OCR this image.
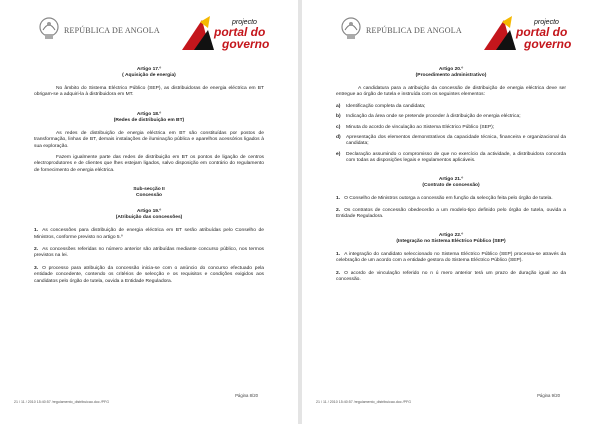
REPÚBLICA DE ANGOLA
projecto
portal do
governo
Artigo 17.º
( Aquisição de energia)
No âmbito do Sistema Eléctrico Público (SEP), as distribuidoras de energia eléctrica em BT obrigam-se a adquiri-la à distribuidora em MT.
Artigo 18.º
(Redes de distribuição em BT)
As redes de distribuição de energia eléctrica em BT são constituídas por postos de transformação, linhas de BT, demais instalações de iluminação pública e aparelhos acessórios ligados à sua exploração.
Fazem igualmente parte das redes de distribuição em BT os pontos de ligação de centros electroprodutores e de clientes que lhes estejam ligados, salvo disposição em contrário do regulamento de fornecimento de energia eléctrica.
Sub-secção II
Concessão
Artigo 19.º
(Atribuição das concessões)
1. As concessões para distribuição de energia eléctrica em BT serão atribuídas pelo Conselho de Ministros, conforme previsto no artigo 5.º
2. As concessões referidas no número anterior são atribuídas mediante concurso público, nos termos previstos na lei.
3. O processo para atribuição da concessão inicia-se com o anúncio do concurso efectuado pela entidade concedente, contendo os critérios de selecção e os requisitos e condições exigidos aos candidatos pelo órgão de tutela, ouvida a Entidade Reguladora.
Página 8/20
21 / 11 / 2010 15:40:57 /regulamento_distribuicao.doc /PFG
REPÚBLICA DE ANGOLA
projecto
portal do
governo
Artigo 20.º
(Procedimento administrativo)
A candidatura para a atribuição da concessão de distribuição de energia eléctrica deve ser entregue ao órgão de tutela e instruída com os seguintes elementos:
a)	Identificação completa da candidata;
b)	Indicação da área onde se pretende proceder à distribuição de energia eléctrica;
c)	Minuta do acordo de vinculação ao Sistema Eléctrico Público (SEP);
d)	Apresentação dos elementos demonstrativos da capacidade técnica, financeira e organizacional da candidata;
e)	Declaração assumindo o compromisso de que no exercício da actividade, a distribuidora concorda com todas as disposições legais e regulamentos aplicáveis.
Artigo 21.º
(Contrato de concessão)
1. O Conselho de Ministros outorga a concessão em função da selecção feita pelo órgão de tutela.
2. Os contratos de concessão obedecerão a um modelo-tipo definido pelo órgão de tutela, ouvida a Entidade Reguladora.
Artigo 22.º
(Integração no Sistema Eléctrico Público (SEP)
1. A integração do candidato seleccionado no Sistema Eléctrico Público (SEP) processa-se através da celebração de um acordo com a entidade gestora do Sistema Eléctrico Público (SEP).
2. O acordo de vinculação referido no n ú mero anterior terá um prazo de duração igual ao da concessão.
Página 9/20
21 / 11 / 2010 15:40:57 /regulamento_distribuicao.doc /PFG
